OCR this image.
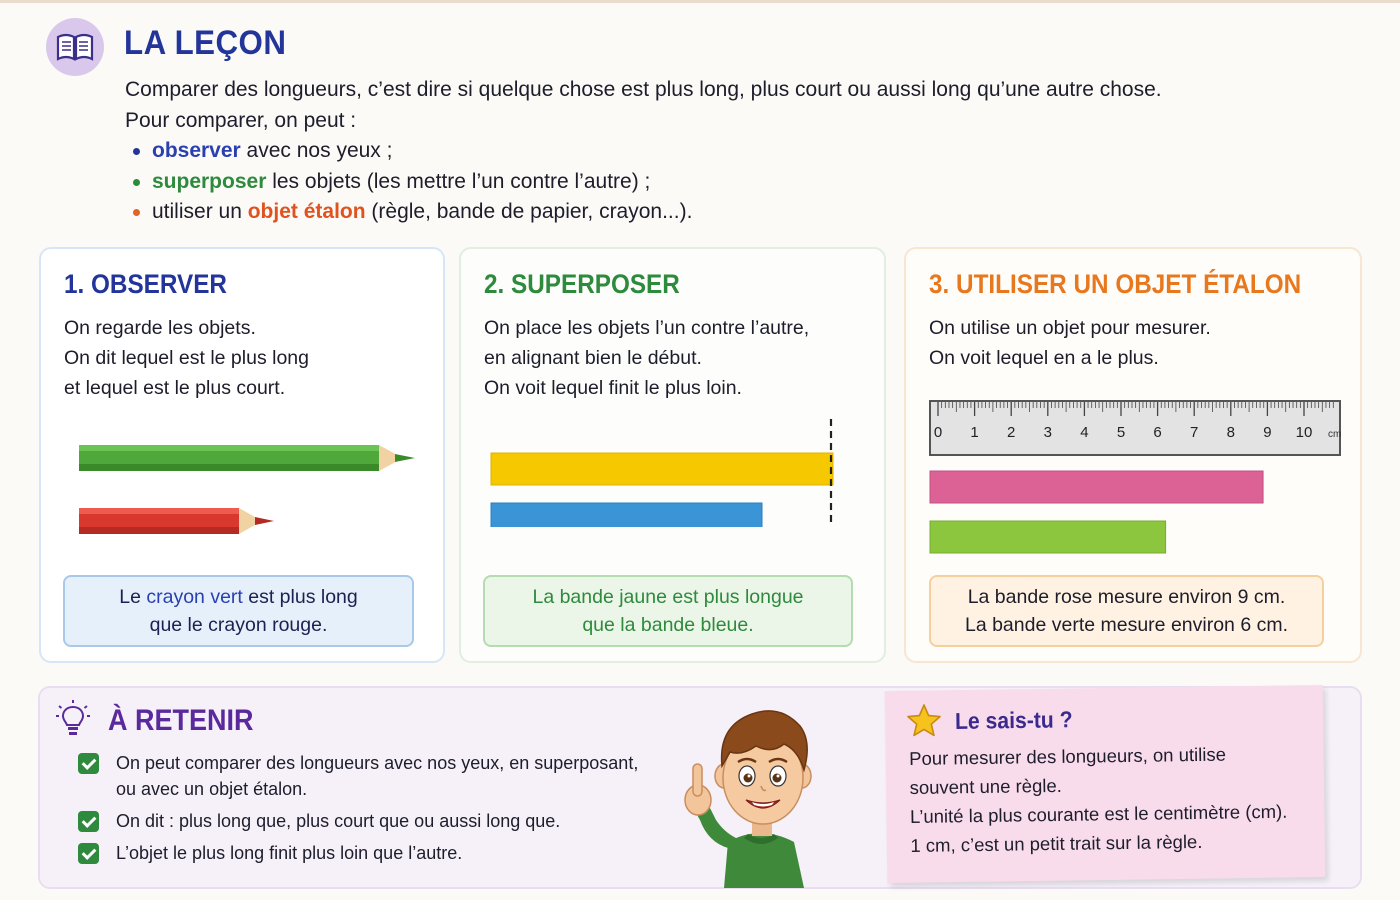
LA LEÇON
Comparer des longueurs, c’est dire si quelque chose est plus long, plus court ou aussi long qu’une autre chose.
Pour comparer, on peut :
observer avec nos yeux ;
superposer les objets (les mettre l’un contre l’autre) ;
utiliser un objet étalon (règle, bande de papier, crayon...).
1. OBSERVER
On regarde les objets.
On dit lequel est le plus long
et lequel est le plus court.
Le crayon vert est plus long
que le crayon rouge.
2. SUPERPOSER
On place les objets l’un contre l’autre,
en alignant bien le début.
On voit lequel finit le plus loin.
La bande jaune est plus longue
que la bande bleue.
3. UTILISER UN OBJET ÉTALON
On utilise un objet pour mesurer.
On voit lequel en a le plus.
0 1 2 3 4 5 6 7 8 9 10 cm
La bande rose mesure environ 9 cm.
La bande verte mesure environ 6 cm.
À RETENIR
On peut comparer des longueurs avec nos yeux, en superposant,
ou avec un objet étalon.
On dit : plus long que, plus court que ou aussi long que.
L’objet le plus long finit plus loin que l’autre.
Le sais-tu ?
Pour mesurer des longueurs, on utilise
souvent une règle.
L’unité la plus courante est le centimètre (cm).
1 cm, c’est un petit trait sur la règle.
